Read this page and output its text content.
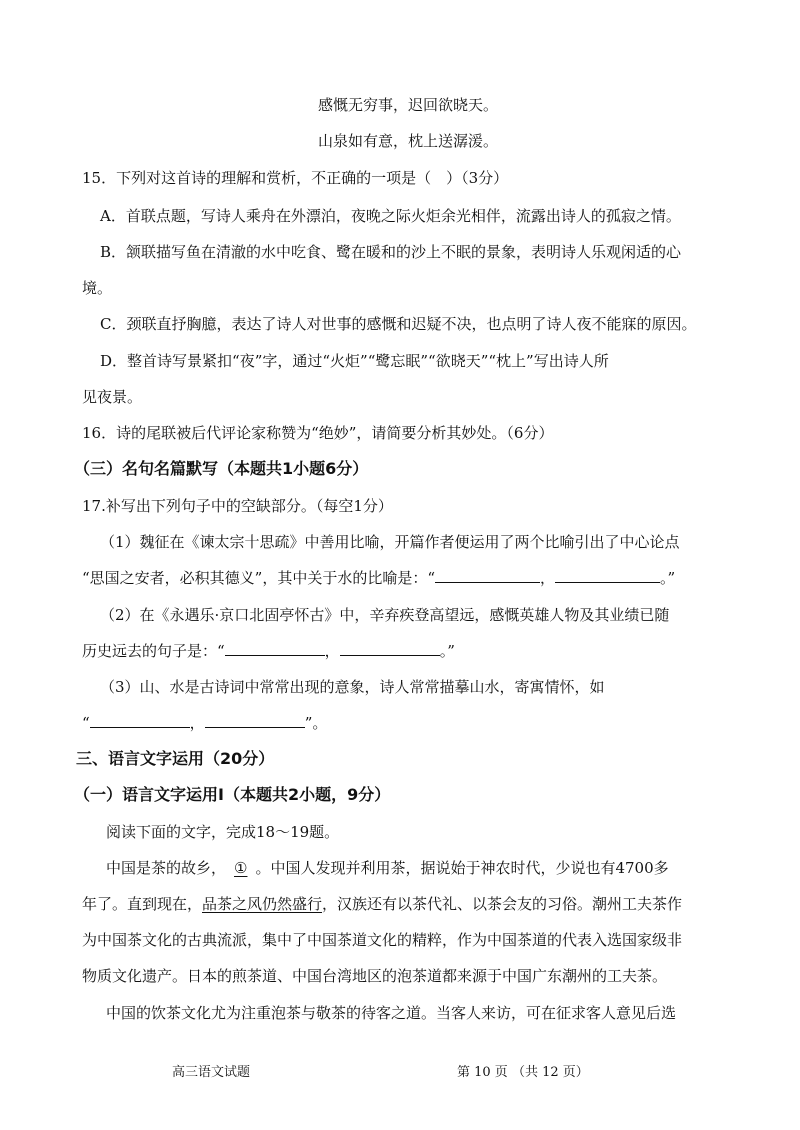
感慨无穷事，迟回欲晓天。
山泉如有意，枕上送潺湲。
15．下列对这首诗的理解和赏析，不正确的一项是（　）（3分）
A．首联点题，写诗人乘舟在外漂泊，夜晚之际火炬余光相伴，流露出诗人的孤寂之情。
B．颔联描写鱼在清澈的水中吃食、鹭在暖和的沙上不眠的景象，表明诗人乐观闲适的心
境。
C．颈联直抒胸臆，表达了诗人对世事的感慨和迟疑不决，也点明了诗人夜不能寐的原因。
D．整首诗写景紧扣“夜”字，通过“火炬”“鹭忘眠”“欲晓天”“枕上”写出诗人所
见夜景。
16．诗的尾联被后代评论家称赞为“绝妙”，请简要分析其妙处。（6分）
（三）名句名篇默写（本题共1小题6分）
17.补写出下列句子中的空缺部分。（每空1分）
（1）魏征在《谏太宗十思疏》中善用比喻，开篇作者便运用了两个比喻引出了中心论点
“思国之安者，必积其德义”，其中关于水的比喻是：“	，	。”
（2）在《永遇乐·京口北固亭怀古》中，辛弃疾登高望远，感慨英雄人物及其业绩已随
历史远去的句子是：“	，	。”
（3）山、水是古诗词中常常出现的意象，诗人常常描摹山水，寄寓情怀，如
“	，	”。
三、语言文字运用（20分）
（一）语言文字运用Ⅰ（本题共2小题，9分）
阅读下面的文字，完成18～19题。
中国是茶的故乡， ① 。中国人发现并利用茶，据说始于神农时代，少说也有4700多
年了。直到现在，品茶之风仍然盛行，汉族还有以茶代礼、以茶会友的习俗。潮州工夫茶作
为中国茶文化的古典流派，集中了中国茶道文化的精粹，作为中国茶道的代表入选国家级非
物质文化遗产。日本的煎茶道、中国台湾地区的泡茶道都来源于中国广东潮州的工夫茶。
中国的饮茶文化尤为注重泡茶与敬茶的待客之道。当客人来访，可在征求客人意见后选
高三语文试题	第 10 页 （共 12 页）
